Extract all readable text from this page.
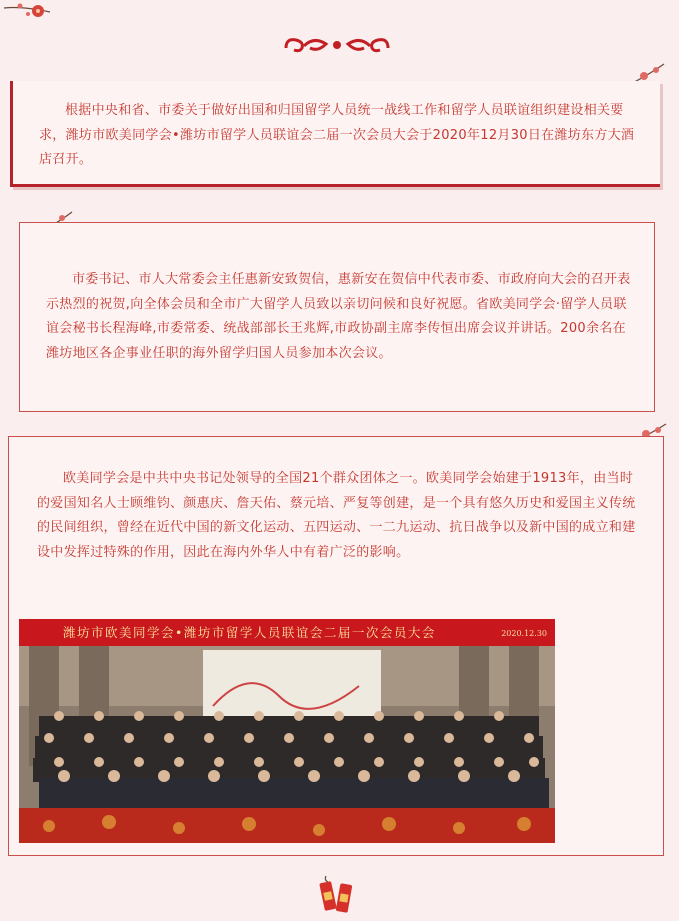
根据中央和省、市委关于做好出国和归国留学人员统一战线工作和留学人员联谊组织建设相关要求，潍坊市欧美同学会•潍坊市留学人员联谊会二届一次会员大会于2020年12月30日在潍坊东方大酒店召开。

市委书记、市人大常委会主任惠新安致贺信，惠新安在贺信中代表市委、市政府向大会的召开表示热烈的祝贺,向全体会员和全市广大留学人员致以亲切问候和良好祝愿。省欧美同学会·留学人员联谊会秘书长程海峰,市委常委、统战部部长王兆辉,市政协副主席李传恒出席会议并讲话。200余名在潍坊地区各企事业任职的海外留学归国人员参加本次会议。

欧美同学会是中共中央书记处领导的全国21个群众团体之一。欧美同学会始建于1913年，由当时的爱国知名人士顾维钧、颜惠庆、詹天佑、蔡元培、严复等创建，是一个具有悠久历史和爱国主义传统的民间组织，曾经在近代中国的新文化运动、五四运动、一二九运动、抗日战争以及新中国的成立和建设中发挥过特殊的作用，因此在海内外华人中有着广泛的影响。

潍坊市欧美同学会•潍坊市留学人员联谊会二届一次会员大会	2020.12.30
